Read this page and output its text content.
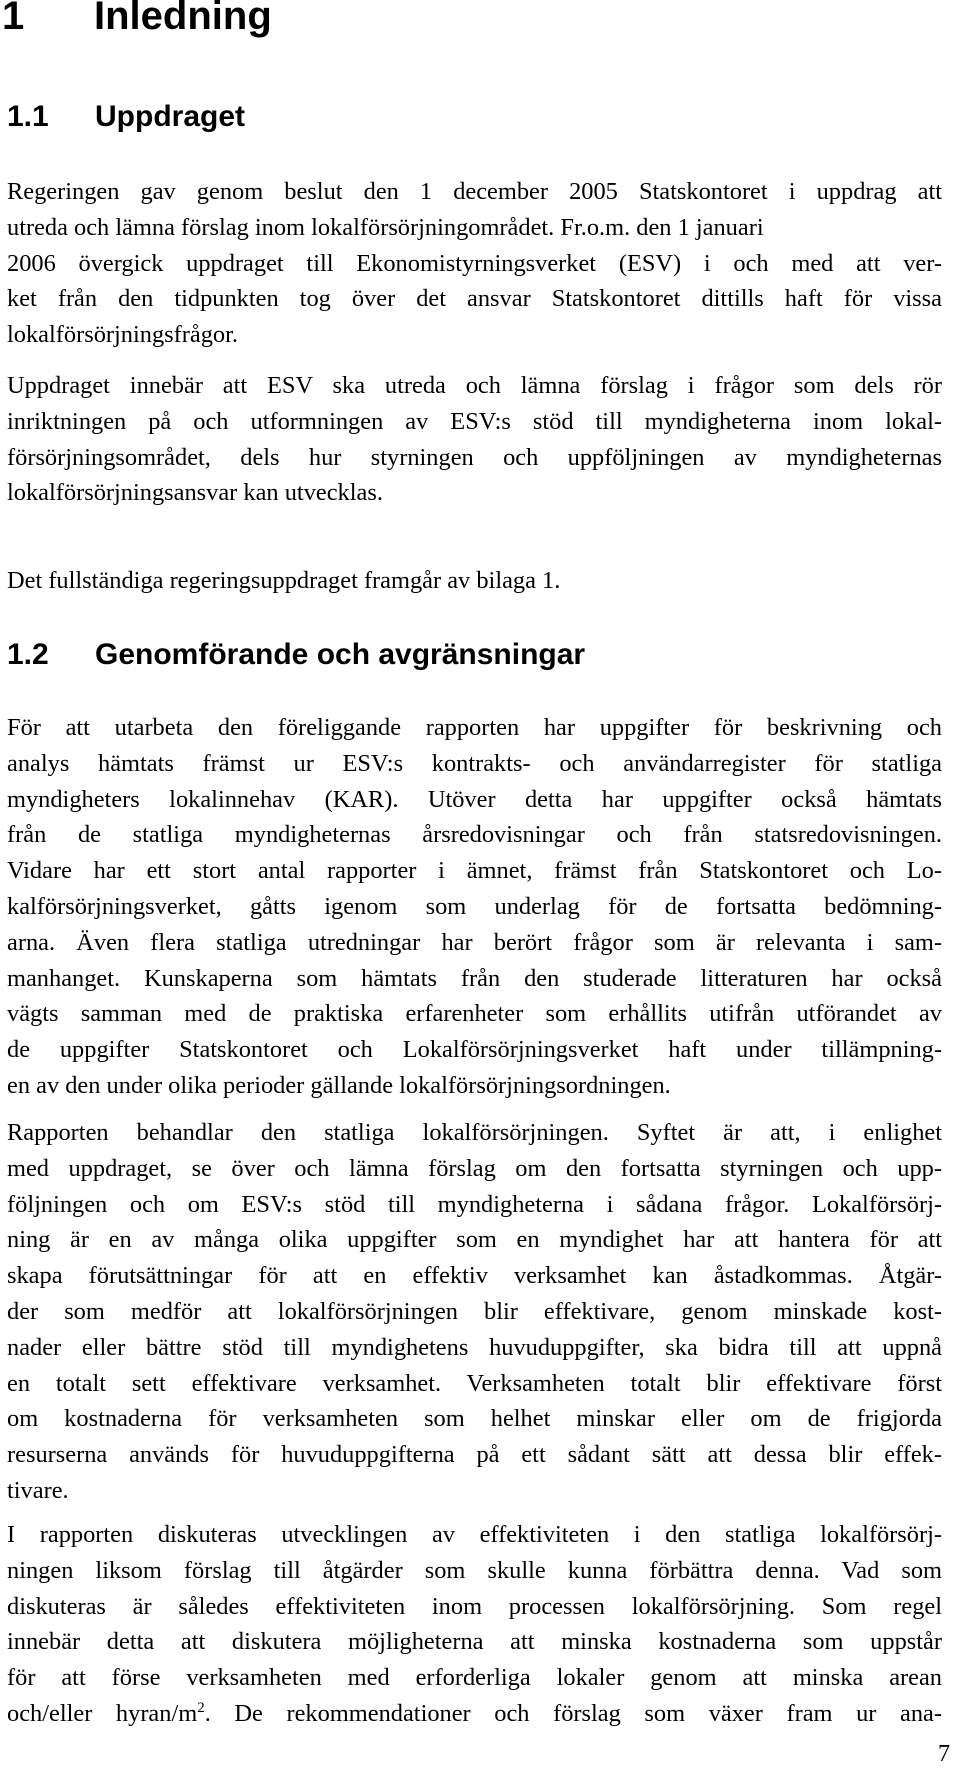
1 Inledning
1.1 Uppdraget
Regeringen gav genom beslut den 1 december 2005 Statskontoret i uppdrag att
utreda och lämna förslag inom lokalförsörjningområdet. Fr.o.m. den 1 januari
2006 övergick uppdraget till Ekonomistyrningsverket (ESV) i och med att ver-
ket från den tidpunkten tog över det ansvar Statskontoret dittills haft för vissa
lokalförsörjningsfrågor.
Uppdraget innebär att ESV ska utreda och lämna förslag i frågor som dels rör
inriktningen på och utformningen av ESV:s stöd till myndigheterna inom lokal-
försörjningsområdet, dels hur styrningen och uppföljningen av myndigheternas
lokalförsörjningsansvar kan utvecklas.
Det fullständiga regeringsuppdraget framgår av bilaga 1.
1.2 Genomförande och avgränsningar
För att utarbeta den föreliggande rapporten har uppgifter för beskrivning och
analys hämtats främst ur ESV:s kontrakts- och användarregister för statliga
myndigheters lokalinnehav (KAR). Utöver detta har uppgifter också hämtats
från de statliga myndigheternas årsredovisningar och från statsredovisningen.
Vidare har ett stort antal rapporter i ämnet, främst från Statskontoret och Lo-
kalförsörjningsverket, gåtts igenom som underlag för de fortsatta bedömning-
arna. Även flera statliga utredningar har berört frågor som är relevanta i sam-
manhanget. Kunskaperna som hämtats från den studerade litteraturen har också
vägts samman med de praktiska erfarenheter som erhållits utifrån utförandet av
de uppgifter Statskontoret och Lokalförsörjningsverket haft under tillämpning-
en av den under olika perioder gällande lokalförsörjningsordningen.
Rapporten behandlar den statliga lokalförsörjningen. Syftet är att, i enlighet
med uppdraget, se över och lämna förslag om den fortsatta styrningen och upp-
följningen och om ESV:s stöd till myndigheterna i sådana frågor. Lokalförsörj-
ning är en av många olika uppgifter som en myndighet har att hantera för att
skapa förutsättningar för att en effektiv verksamhet kan åstadkommas. Åtgär-
der som medför att lokalförsörjningen blir effektivare, genom minskade kost-
nader eller bättre stöd till myndighetens huvuduppgifter, ska bidra till att uppnå
en totalt sett effektivare verksamhet. Verksamheten totalt blir effektivare först
om kostnaderna för verksamheten som helhet minskar eller om de frigjorda
resurserna används för huvuduppgifterna på ett sådant sätt att dessa blir effek-
tivare.
I rapporten diskuteras utvecklingen av effektiviteten i den statliga lokalförsörj-
ningen liksom förslag till åtgärder som skulle kunna förbättra denna. Vad som
diskuteras är således effektiviteten inom processen lokalförsörjning. Som regel
innebär detta att diskutera möjligheterna att minska kostnaderna som uppstår
för att förse verksamheten med erforderliga lokaler genom att minska arean
och/eller hyran/$m^2$. De rekommendationer och förslag som växer fram ur ana-
7
